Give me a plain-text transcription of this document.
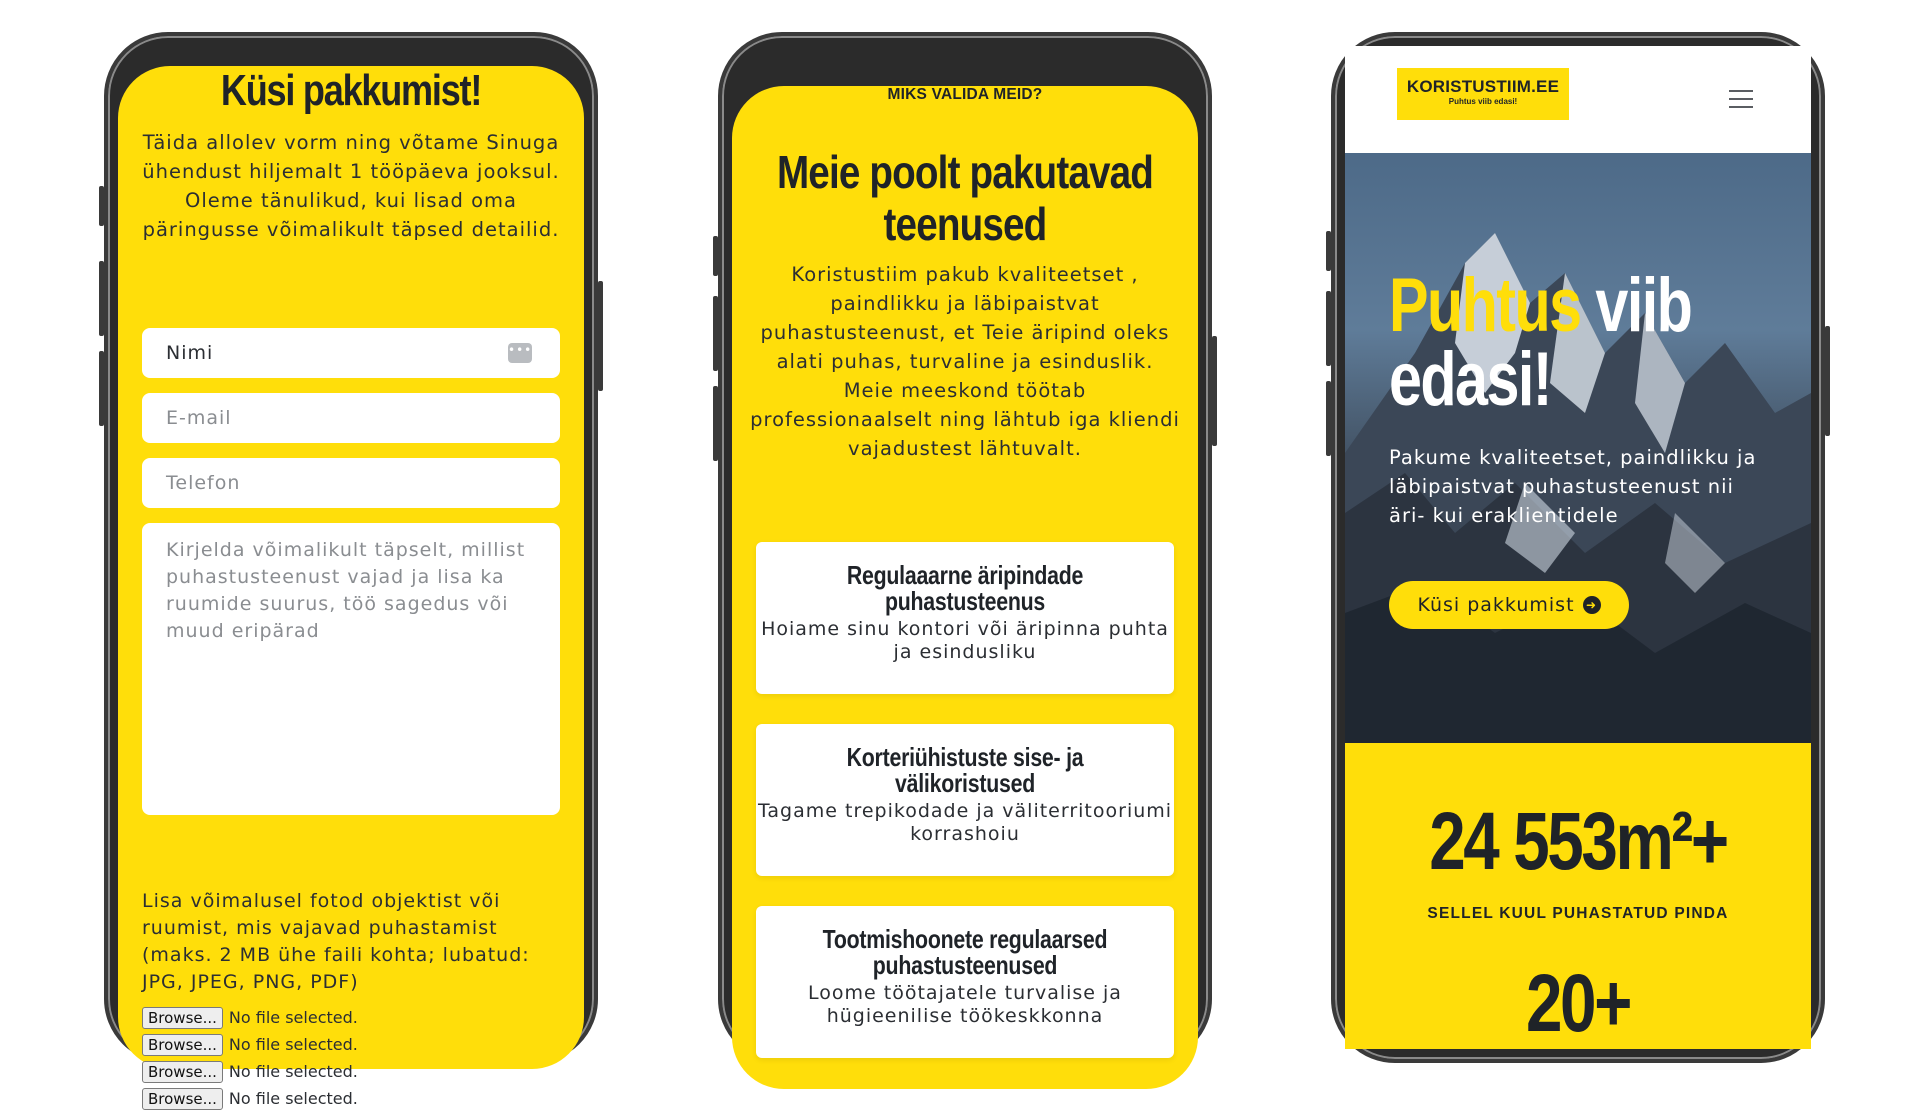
Küsi pakkumist!
Täida allolev vorm ning võtame Sinuga ühendust hiljemalt 1 tööpäeva jooksul. Oleme tänulikud, kui lisad oma päringusse võimalikult täpsed detailid.
Nimi	•••
E-mail
Telefon
Kirjelda võimalikult täpselt, millist puhastusteenust vajad ja lisa ka ruumide suurus, töö sagedus või muud eripärad
Lisa võimalusel fotod objektist või ruumist, mis vajavad puhastamist (maks. 2 MB ühe faili kohta; lubatud: JPG, JPEG, PNG, PDF)
Browse... No file selected.
Browse... No file selected.
Browse... No file selected.
Browse... No file selected.
MIKS VALIDA MEID?
Meie poolt pakutavad teenused
Koristustiim pakub kvaliteetset , paindlikku ja läbipaistvat puhastusteenust, et Teie äripind oleks alati puhas, turvaline ja esinduslik. Meie meeskond töötab professionaalselt ning lähtub iga kliendi vajadustest lähtuvalt.
Regulaaarne äripindade puhastusteenus
Hoiame sinu kontori või äripinna puhta ja esindusliku
Korteriühistuste sise- ja välikoristused
Tagame trepikodade ja väliterritooriumi korrashoiu
Tootmishoonete regulaarsed puhastusteenused
Loome töötajatele turvalise ja hügieenilise töökeskkonna
KORISTUSTIIM.EE
Puhtus viib edasi!
Puhtus viib
edasi!
Pakume kvaliteetset, paindlikku ja läbipaistvat puhastusteenust nii äri- kui eraklientidele
Küsi pakkumist ➜
24 553m²+
SELLEL KUUL PUHASTATUD PINDA
20+
